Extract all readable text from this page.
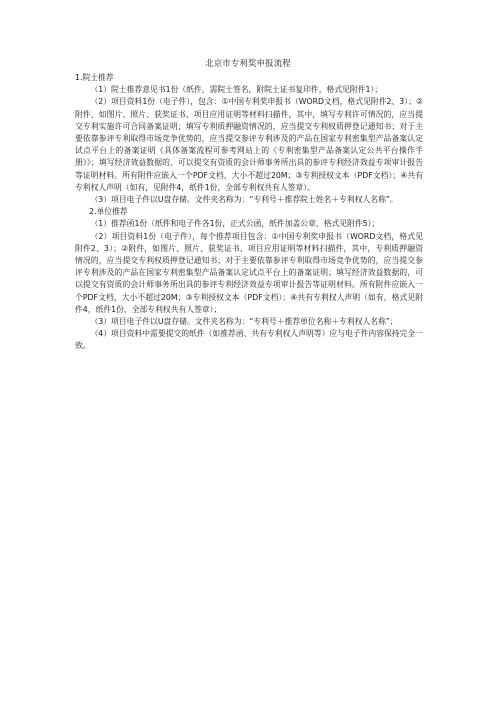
北京市专利奖申报流程

1.院士推荐

（1）院士推荐意见书1份（纸件，需院士签名，附院士证书复印件，格式见附件1）；

（2）项目资料1份（电子件），包含：①中国专利奖申报书（WORD文档，格式见附件2、3）；②附件，如图片、照片、获奖证书、项目应用证明等材料扫描件，其中，填写专利许可情况的，应当提交专利实施许可合同备案证明；填写专利质押融资情况的，应当提交专利权质押登记通知书；对于主要依靠参评专利取得市场竞争优势的，应当提交参评专利涉及的产品在国家专利密集型产品备案认定试点平台上的备案证明《具体备案流程可参考网站上的《专利密集型产品备案认定公共平台操作手册》》；填写经济效益数据的，可以提交有资质的会计师事务所出具的参评专利经济效益专项审计报告等证明材料。所有附件应嵌入一个PDF文档，大小不超过20M；③专利授权文本（PDF文档）；④共有专利权人声明（如有，见附件4，纸件1份，全部专利权共有人签章）。

（3）项目电子件以U盘存储。文件夹名称为：“专利号＋推荐院士姓名＋专利权人名称”。

2.单位推荐

（1）推荐函1份（纸件和电子件各1份，正式公函，纸件加盖公章，格式见附件5）；

（2）项目资料1份（电子件），每个推荐项目包含：①中国专利奖申报书（WORD文档，格式见附件2、3）；②附件，如图片、照片、获奖证书、项目应用证明等材料扫描件，其中，专利质押融资情况的，应当提交专利权质押登记通知书；对于主要依靠参评专利取得市场竞争优势的，应当提交参评专利涉及的产品在国家专利密集型产品备案认定试点平台上的备案证明；填写经济效益数据的，可以提交有资质的会计师事务所出具的参评专利经济效益专项审计报告等证明材料。所有附件应嵌入一个PDF文档，大小不超过20M；③专利授权文本（PDF文档）；④共有专利权人声明（如有，格式见附件4，纸件1份，全部专利权共有人签章）；

（3）项目电子件以U盘存储。文件夹名称为：“专利号＋推荐单位名称＋专利权人名称”；

（4）项目资料中需要提交的纸件（如推荐函、共有专利权人声明等）应与电子件内容保持完全一致。
